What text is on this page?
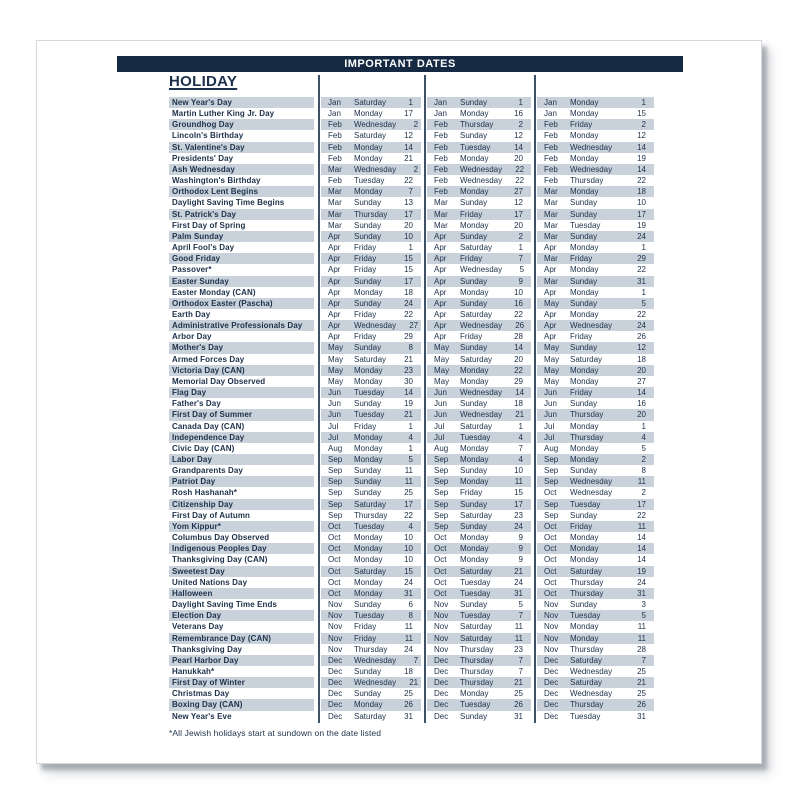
IMPORTANT DATES
HOLIDAY
New Year's Day	Jan	Saturday	1	Jan	Sunday	1	Jan	Monday	1
Martin Luther King Jr. Day	Jan	Monday	17	Jan	Monday	16	Jan	Monday	15
Groundhog Day	Feb	Wednesday	2 Feb	Thursday	2	Feb	Friday	2
Lincoln's Birthday	Feb	Saturday	12	Feb	Sunday	12	Feb	Monday	12
St. Valentine's Day	Feb	Monday	14	Feb	Tuesday	14	Feb	Wednesday	14
Presidents' Day	Feb	Monday	21	Feb	Monday	20	Feb	Monday	19
Ash Wednesday	Mar	Wednesday	2 Feb	Wednesday	22 Feb	Wednesday	14
Washington's Birthday	Feb	Tuesday	22	Feb	Wednesday	22 Feb	Thursday	22
Orthodox Lent Begins	Mar	Monday	7	Feb	Monday	27	Mar	Monday	18
Daylight Saving Time Begins	Mar	Sunday	13	Mar	Sunday	12	Mar	Sunday	10
St. Patrick's Day	Mar	Thursday	17	Mar	Friday	17	Mar	Sunday	17
First Day of Spring	Mar	Sunday	20	Mar	Monday	20	Mar	Tuesday	19
Palm Sunday	Apr	Sunday	10	Apr	Sunday	2	Mar	Sunday	24
April Fool's Day	Apr	Friday	1	Apr	Saturday	1	Apr	Monday	1
Good Friday	Apr	Friday	15	Apr	Friday	7	Mar	Friday	29
Passover*	Apr	Friday	15	Apr	Wednesday	5 Apr	Monday	22
Easter Sunday	Apr	Sunday	17	Apr	Sunday	9	Mar	Sunday	31
Easter Monday (CAN)	Apr	Monday	18	Apr	Monday	10	Apr	Monday	1
Orthodox Easter (Pascha)	Apr	Sunday	24	Apr	Sunday	16	May	Sunday	5
Earth Day	Apr	Friday	22	Apr	Saturday	22	Apr	Monday	22
Administrative Professionals Day	Apr	Wednesday	27 Apr	Wednesday	26 Apr	Wednesday	24
Arbor Day	Apr	Friday	29	Apr	Friday	28	Apr	Friday	26
Mother's Day	May	Sunday	8	May	Sunday	14	May	Sunday	12
Armed Forces Day	May	Saturday	21	May	Saturday	20	May	Saturday	18
Victoria Day (CAN)	May	Monday	23	May	Monday	22	May	Monday	20
Memorial Day Observed	May	Monday	30	May	Monday	29	May	Monday	27
Flag Day	Jun	Tuesday	14	Jun	Wednesday	14 Jun	Friday	14
Father's Day	Jun	Sunday	19	Jun	Sunday	18	Jun	Sunday	16
First Day of Summer	Jun	Tuesday	21	Jun	Wednesday	21 Jun	Thursday	20
Canada Day (CAN)	Jul	Friday	1	Jul	Saturday	1	Jul	Monday	1
Independence Day	Jul	Monday	4	Jul	Tuesday	4	Jul	Thursday	4
Civic Day (CAN)	Aug	Monday	1	Aug	Monday	7	Aug	Monday	5
Labor Day	Sep	Monday	5	Sep	Monday	4	Sep	Monday	2
Grandparents Day	Sep	Sunday	11	Sep	Sunday	10	Sep	Sunday	8
Patriot Day	Sep	Sunday	11	Sep	Monday	11	Sep	Wednesday	11
Rosh Hashanah*	Sep	Sunday	25	Sep	Friday	15	Oct	Wednesday	2
Citizenship Day	Sep	Saturday	17	Sep	Sunday	17	Sep	Tuesday	17
First Day of Autumn	Sep	Thursday	22	Sep	Saturday	23	Sep	Sunday	22
Yom Kippur*	Oct	Tuesday	4	Sep	Sunday	24	Oct	Friday	11
Columbus Day Observed	Oct	Monday	10	Oct	Monday	9	Oct	Monday	14
Indigenous Peoples Day	Oct	Monday	10	Oct	Monday	9	Oct	Monday	14
Thanksgiving Day (CAN)	Oct	Monday	10	Oct	Monday	9	Oct	Monday	14
Sweetest Day	Oct	Saturday	15	Oct	Saturday	21	Oct	Saturday	19
United Nations Day	Oct	Monday	24	Oct	Tuesday	24	Oct	Thursday	24
Halloween	Oct	Monday	31	Oct	Tuesday	31	Oct	Thursday	31
Daylight Saving Time Ends	Nov	Sunday	6	Nov	Sunday	5	Nov	Sunday	3
Election Day	Nov	Tuesday	8	Nov	Tuesday	7	Nov	Tuesday	5
Veterans Day	Nov	Friday	11	Nov	Saturday	11	Nov	Monday	11
Remembrance Day (CAN)	Nov	Friday	11	Nov	Saturday	11	Nov	Monday	11
Thanksgiving Day	Nov	Thursday	24	Nov	Thursday	23	Nov	Thursday	28
Pearl Harbor Day	Dec	Wednesday	7 Dec	Thursday	7	Dec	Saturday	7
Hanukkah*	Dec	Sunday	18	Dec	Thursday	7	Dec	Wednesday	25
First Day of Winter	Dec	Wednesday	21 Dec	Thursday	21	Dec	Saturday	21
Christmas Day	Dec	Sunday	25	Dec	Monday	25	Dec	Wednesday	25
Boxing Day (CAN)	Dec	Monday	26	Dec	Tuesday	26	Dec	Thursday	26
New Year's Eve	Dec	Saturday	31	Dec	Sunday	31	Dec	Tuesday	31
*All Jewish holidays start at sundown on the date listed
